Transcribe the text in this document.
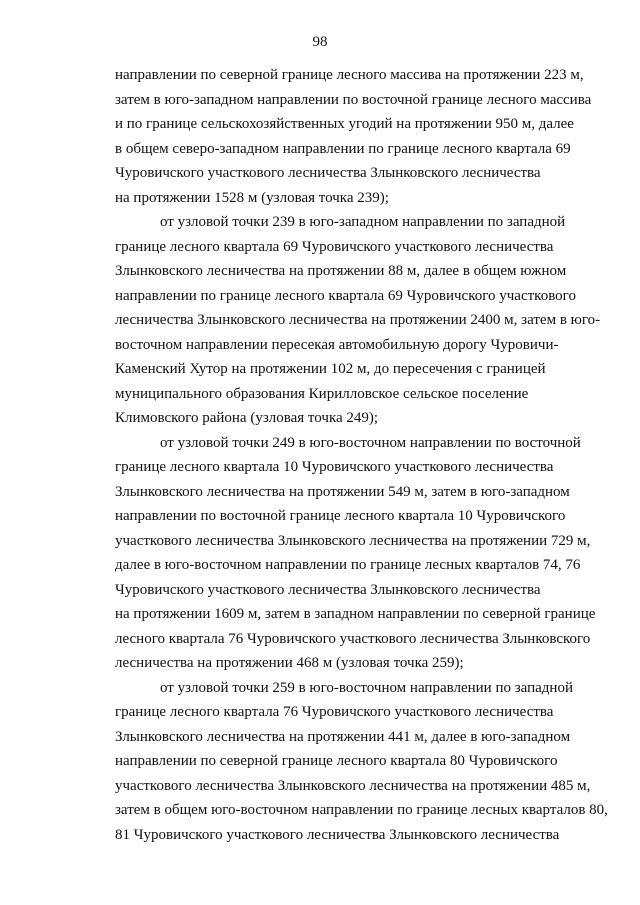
98
направлении по северной границе лесного массива на протяжении 223 м,
затем в юго-западном направлении по восточной границе лесного массива
и по границе сельскохозяйственных угодий на протяжении 950 м, далее
в общем северо-западном направлении по границе лесного квартала 69
Чуровичского участкового лесничества Злынковского лесничества
на протяжении 1528 м (узловая точка 239);
от узловой точки 239 в юго-западном направлении по западной
границе лесного квартала 69 Чуровичского участкового лесничества
Злынковского лесничества на протяжении 88 м, далее в общем южном
направлении по границе лесного квартала 69 Чуровичского участкового
лесничества Злынковского лесничества на протяжении 2400 м, затем в юго-
восточном направлении пересекая автомобильную дорогу Чуровичи-
Каменский Хутор на протяжении 102 м, до пересечения с границей
муниципального образования Кирилловское сельское поселение
Климовского района (узловая точка 249);
от узловой точки 249 в юго-восточном направлении по восточной
границе лесного квартала 10 Чуровичского участкового лесничества
Злынковского лесничества на протяжении 549 м, затем в юго-западном
направлении по восточной границе лесного квартала 10 Чуровичского
участкового лесничества Злынковского лесничества на протяжении 729 м,
далее в юго-восточном направлении по границе лесных кварталов 74, 76
Чуровичского участкового лесничества Злынковского лесничества
на протяжении 1609 м, затем в западном направлении по северной границе
лесного квартала 76 Чуровичского участкового лесничества Злынковского
лесничества на протяжении 468 м (узловая точка 259);
от узловой точки 259 в юго-восточном направлении по западной
границе лесного квартала 76 Чуровичского участкового лесничества
Злынковского лесничества на протяжении 441 м, далее в юго-западном
направлении по северной границе лесного квартала 80 Чуровичского
участкового лесничества Злынковского лесничества на протяжении 485 м,
затем в общем юго-восточном направлении по границе лесных кварталов 80,
81 Чуровичского участкового лесничества Злынковского лесничества
